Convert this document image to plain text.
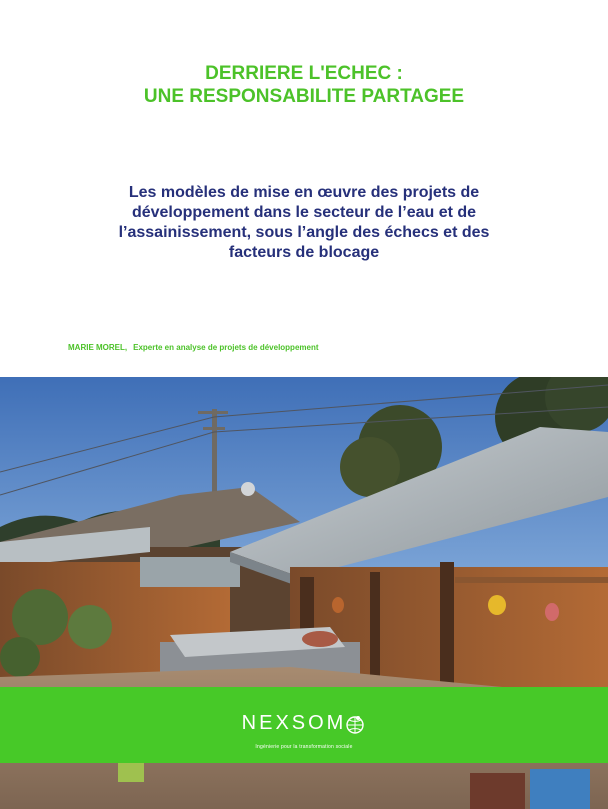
DERRIERE L'ECHEC :
UNE RESPONSABILITE PARTAGEE
Les modèles de mise en œuvre des projets de
développement dans le secteur de l’eau et de
l’assainissement, sous l’angle des échecs et des
facteurs de blocage
MARIE MOREL, Experte en analyse de projets de développement
NEXSOM
Ingénierie pour la transformation sociale
